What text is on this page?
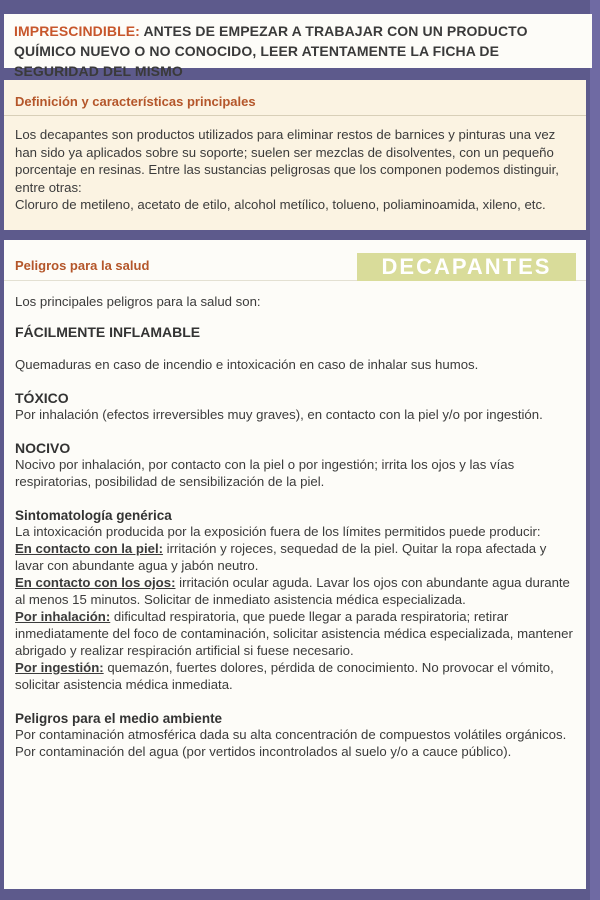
IMPRESCINDIBLE: ANTES DE EMPEZAR A TRABAJAR CON UN PRODUCTO QUÍMICO NUEVO O NO CONOCIDO, LEER ATENTAMENTE LA FICHA DE SEGURIDAD DEL MISMO
Definición y características principales
Los decapantes son productos utilizados para eliminar restos de barnices y pinturas una vez han sido ya aplicados sobre su soporte; suelen ser mezclas de disolventes, con un pequeño porcentaje en resinas. Entre las sustancias peligrosas que los componen podemos distinguir, entre otras:
Cloruro de metileno, acetato de etilo, alcohol metílico, tolueno, poliaminoamida, xileno, etc.
Peligros para la salud	DECAPANTES
Los principales peligros para la salud son:
FÁCILMENTE INFLAMABLE
Quemaduras en caso de incendio e intoxicación en caso de inhalar sus humos.
TÓXICO
Por inhalación (efectos irreversibles muy graves), en contacto con la piel y/o por ingestión.
NOCIVO
Nocivo por inhalación, por contacto con la piel o por ingestión; irrita los ojos y las vías respiratorias, posibilidad de sensibilización de la piel.
Sintomatología genérica
La intoxicación producida por la exposición fuera de los límites permitidos puede producir:
En contacto con la piel: irritación y rojeces, sequedad de la piel. Quitar la ropa afectada y lavar con abundante agua y jabón neutro.
En contacto con los ojos: irritación ocular aguda. Lavar los ojos con abundante agua durante al menos 15 minutos. Solicitar de inmediato asistencia médica especializada.
Por inhalación: dificultad respiratoria, que puede llegar a parada respiratoria; retirar inmediatamente del foco de contaminación, solicitar asistencia médica especializada, mantener abrigado y realizar respiración artificial si fuese necesario.
Por ingestión: quemazón, fuertes dolores, pérdida de conocimiento. No provocar el vómito, solicitar asistencia médica inmediata.
Peligros para el medio ambiente
Por contaminación atmosférica dada su alta concentración de compuestos volátiles orgánicos.
Por contaminación del agua (por vertidos incontrolados al suelo y/o a cauce público).
